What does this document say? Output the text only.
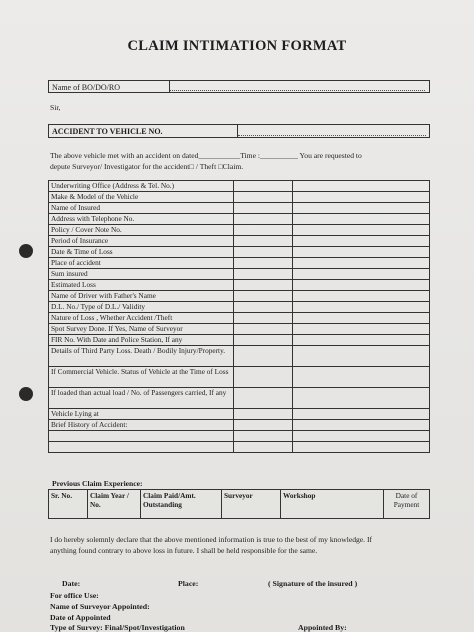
CLAIM INTIMATION FORMAT
Name of BO/DO/RO
Sir,
ACCIDENT TO VEHICLE NO.
The above vehicle met with an accident on dated___________Time :__________ You are requested to
depute Surveyor/ Investigator for the accident□ / Theft □Claim.
Underwriting Office (Address & Tel. No.)		
Make & Model of the Vehicle		
Name of Insured		
Address with Telephone No.		
Policy / Cover Note No.		
Period of Insurance		
Date & Time of Loss		
Place of accident		
Sum insured		
Estimated Loss		
Name of Driver with Father's Name		
D.L. No./ Type of D.L./ Validity		
Nature of Loss , Whether Accident /Theft		
Spot Survey Done. If Yes, Name of Surveyor		
FIR No. With Date and Police Station, If any		
Details of Third Party Loss. Death / Bodily Injury/Property.		
If Commercial Vehicle. Status of Vehicle at the Time of Loss		
If loaded than actual load / No. of Passengers carried, If any		
Vehicle Lying at		
Brief History of Accident:		

Previous Claim Experience:
Sr. No.	Claim Year / No.	Claim Paid/Amt. Outstanding	Surveyor	Workshop	Date of Payment
I do hereby solemnly declare that the above mentioned information is true to the best of my knowledge. If
anything found contrary to above loss in future. I shall be held responsible for the same.
Date:	Place:	( Signature of the insured )
For office Use:
Name of Surveyor Appointed:
Date of Appointed
Type of Survey: Final/Spot/Investigation	Appointed By:
